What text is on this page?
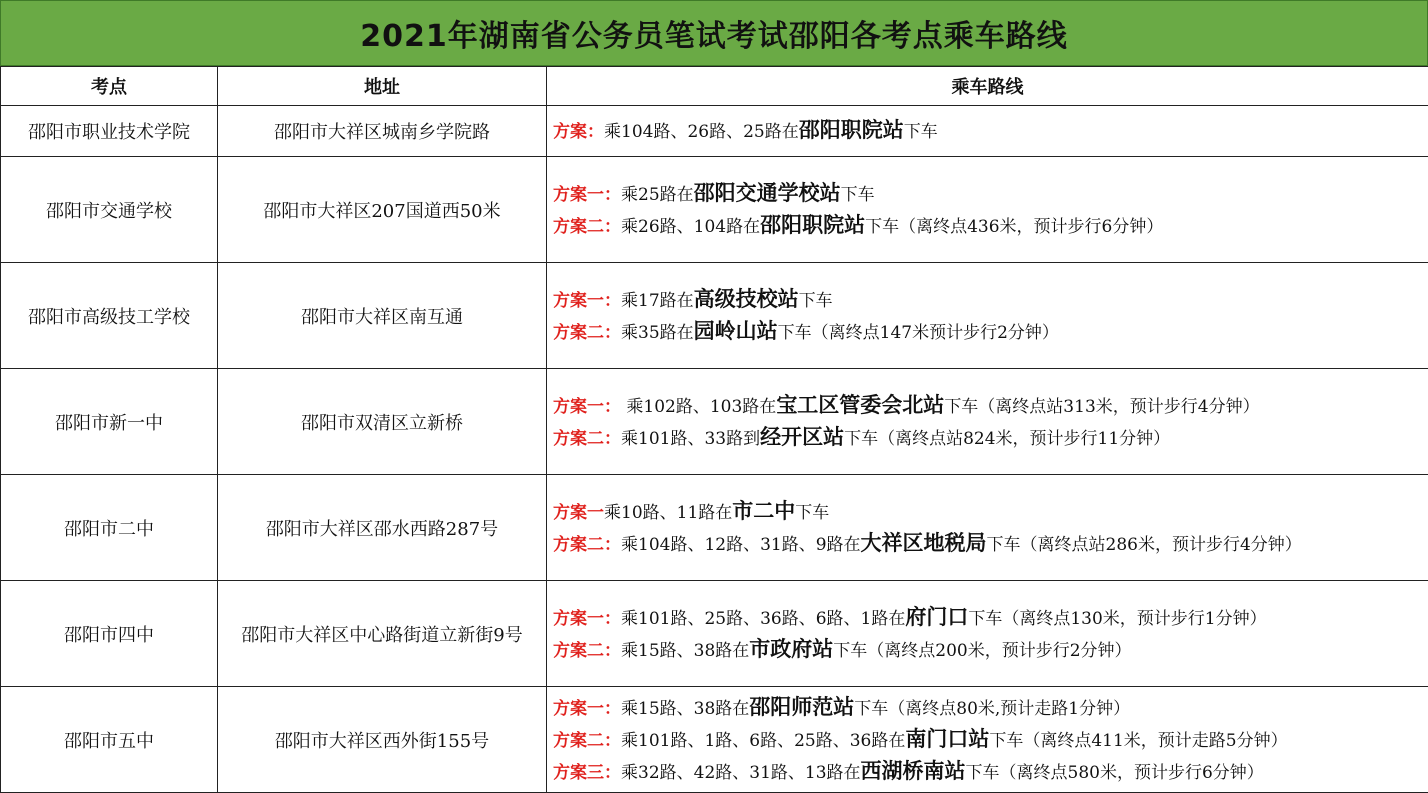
2021年湖南省公务员笔试考试邵阳各考点乘车路线
考点	地址	乘车路线
邵阳市职业技术学院	邵阳市大祥区城南乡学院路	方案：乘104路、26路、25路在邵阳职院站下车

邵阳市交通学校	邵阳市大祥区207国道西50米	方案一：乘25路在邵阳交通学校站下车
方案二：乘26路、104路在邵阳职院站下车（离终点436米，预计步行6分钟）

邵阳市高级技工学校	邵阳市大祥区南互通	方案一：乘17路在高级技校站下车
方案二：乘35路在园岭山站下车（离终点147米预计步行2分钟）

邵阳市新一中	邵阳市双清区立新桥	方案一： 乘102路、103路在宝工区管委会北站下车（离终点站313米，预计步行4分钟）
方案二：乘101路、33路到经开区站下车（离终点站824米，预计步行11分钟）

邵阳市二中	邵阳市大祥区邵水西路287号	方案一乘10路、11路在市二中下车
方案二：乘104路、12路、31路、9路在大祥区地税局下车（离终点站286米，预计步行4分钟）

邵阳市四中	邵阳市大祥区中心路街道立新街9号	方案一：乘101路、25路、36路、6路、1路在府门口下车（离终点130米，预计步行1分钟）
方案二：乘15路、38路在市政府站下车（离终点200米，预计步行2分钟）

邵阳市五中	邵阳市大祥区西外街155号	方案一：乘15路、38路在邵阳师范站下车（离终点80米,预计走路1分钟）
方案二：乘101路、1路、6路、25路、36路在南门口站下车（离终点411米，预计走路5分钟）
方案三：乘32路、42路、31路、13路在西湖桥南站下车（离终点580米，预计步行6分钟）
